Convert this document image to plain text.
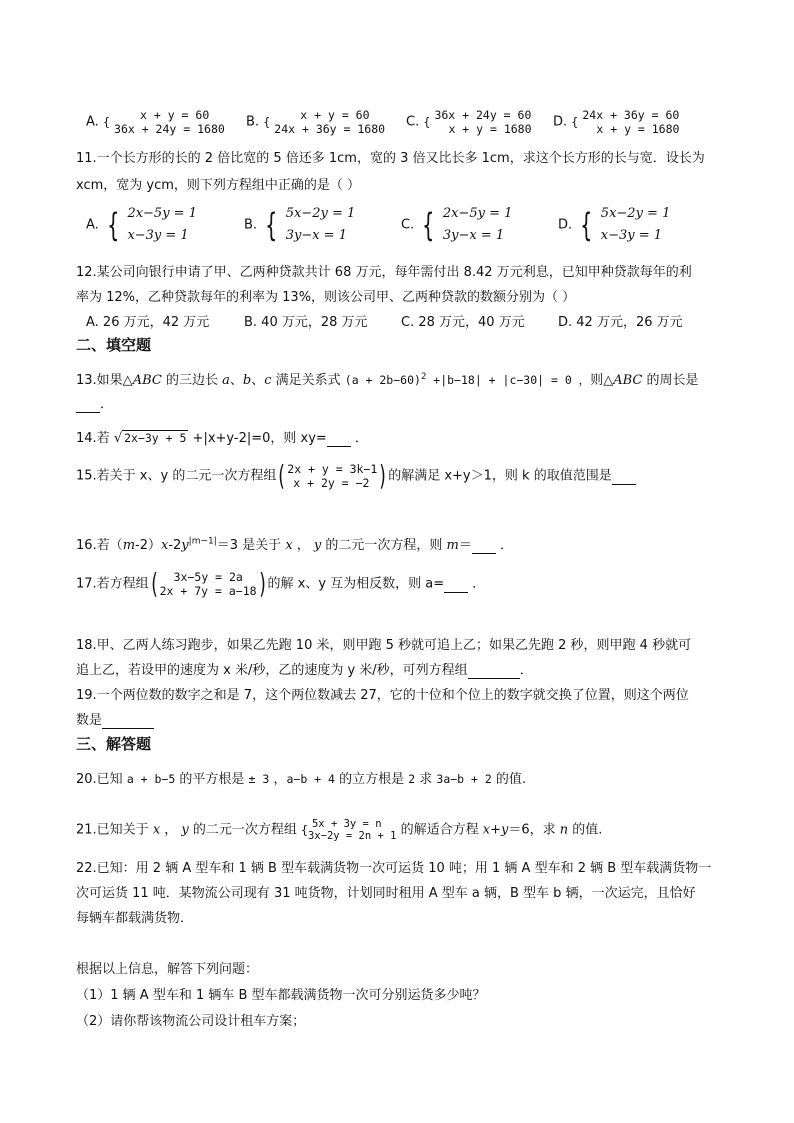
A. {	x + y = 60
36x + 24y = 1680 B. {	x + y = 60
24x + 36y = 1680 C. { 36x + 24y = 60
x + y = 1680 D. { 24x + 36y = 60
x + y = 1680
11.一个长方形的长的 2 倍比宽的 5 倍还多 1cm，宽的 3 倍又比长多 1cm，求这个长方形的长与宽．设长为
xcm，宽为 ycm，则下列方程组中正确的是（ ）
A. { 2x−5y = 1
x−3y = 1
B. { 5x−2y = 1
3y−x = 1
C. { 2x−5y = 1
3y−x = 1
D. { 5x−2y = 1
x−3y = 1
12.某公司向银行申请了甲、乙两种贷款共计 68 万元，每年需付出 8.42 万元利息，已知甲种贷款每年的利
率为 12%，乙种贷款每年的利率为 13%，则该公司甲、乙两种贷款的数额分别为（ ）
A. 26 万元，42 万元	B. 40 万元，28 万元	C. 28 万元，40 万元	D. 42 万元，26 万元
二、填空题
13.如果△ABC 的三边长 a、b、c 满足关系式 $(a + 2b-60)^2 +|b-18| + |c-30| = 0$ ，则△ABC 的周长是
．
14.若 √ 2x−3y + 5 +|x+y-2|=0，则 xy=  ．
15.若关于 x、y 的二元一次方程组( 2x + y = 3k−1
x + 2y = −2 ) 的解满足 x+y＞1，则 k 的取值范围是
16.若$(m-2)x-2y^{|m-1|}=3$ 是关于 x ， y 的二元一次方程，则 m＝  ．
17.若方程组( 3x−5y = 2a
2x + 7y = a−18) 的解 x、y 互为相反数，则 a=  ．
18.甲、乙两人练习跑步，如果乙先跑 10 米，则甲跑 5 秒就可追上乙；如果乙先跑 2 秒，则甲跑 4 秒就可
追上乙，若设甲的速度为 x 米/秒，乙的速度为 y 米/秒，可列方程组	．
19.一个两位数的数字之和是 7，这个两位数减去 27，它的十位和个位上的数字就交换了位置，则这个两位
数是
三、解答题
20.已知 a + b−5 的平方根是 ± 3 ，a−b + 4 的立方根是 2 求 3a−b + 2 的值.
21.已知关于 x ， y 的二元一次方程组 { 5x + 3y = n
3x−2y = 2n + 1 的解适合方程 x+y＝6，求 n 的值.
22.已知：用 2 辆 A 型车和 1 辆 B 型车载满货物一次可运货 10 吨；用 1 辆 A 型车和 2 辆 B 型车载满货物一
次可运货 11 吨．某物流公司现有 31 吨货物，计划同时租用 A 型车 a 辆，B 型车 b 辆，一次运完，且恰好
每辆车都载满货物．
根据以上信息，解答下列问题：
（1）1 辆 A 型车和 1 辆车 B 型车都载满货物一次可分别运货多少吨？
（2）请你帮该物流公司设计租车方案；
